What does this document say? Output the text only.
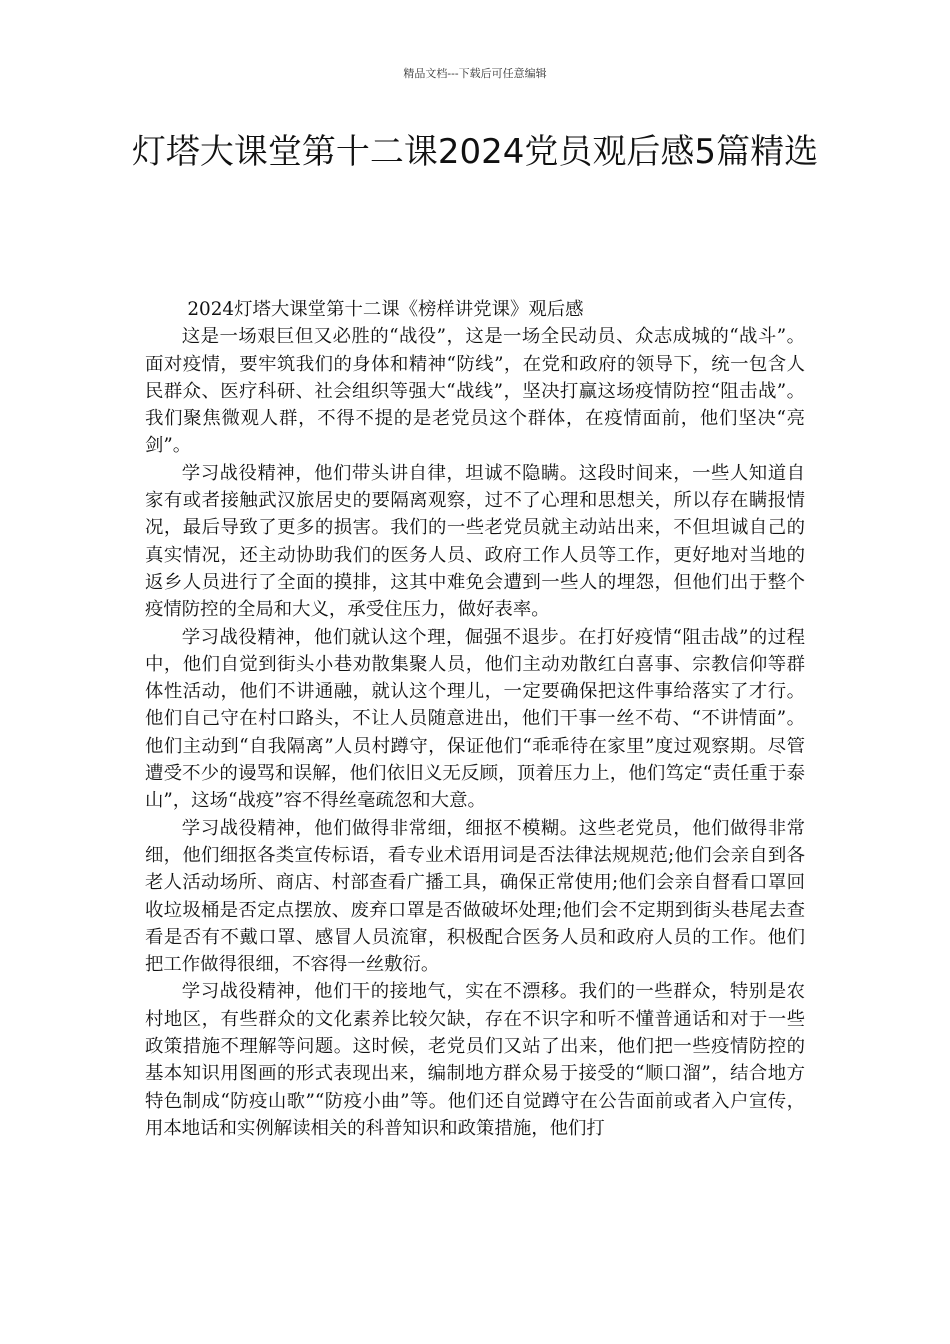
精品文档---下载后可任意编辑
灯塔大课堂第十二课2024党员观后感5篇精选

2024灯塔大课堂第十二课《榜样讲党课》观后感

这是一场艰巨但又必胜的“战役”，这是一场全民动员、众志成城的“战斗”。面对疫情，要牢筑我们的身体和精神“防线”，在党和政府的领导下，统一包含人民群众、医疗科研、社会组织等强大“战线”，坚决打赢这场疫情防控“阻击战”。我们聚焦微观人群，不得不提的是老党员这个群体，在疫情面前，他们坚决“亮剑”。

学习战役精神，他们带头讲自律，坦诚不隐瞒。这段时间来，一些人知道自家有或者接触武汉旅居史的要隔离观察，过不了心理和思想关，所以存在瞒报情况，最后导致了更多的损害。我们的一些老党员就主动站出来，不但坦诚自己的真实情况，还主动协助我们的医务人员、政府工作人员等工作，更好地对当地的返乡人员进行了全面的摸排，这其中难免会遭到一些人的埋怨，但他们出于整个疫情防控的全局和大义，承受住压力，做好表率。

学习战役精神，他们就认这个理，倔强不退步。在打好疫情“阻击战”的过程中，他们自觉到街头小巷劝散集聚人员，他们主动劝散红白喜事、宗教信仰等群体性活动，他们不讲通融，就认这个理儿，一定要确保把这件事给落实了才行。他们自己守在村口路头，不让人员随意进出，他们干事一丝不苟、“不讲情面”。他们主动到“自我隔离”人员村蹲守，保证他们“乖乖待在家里”度过观察期。尽管遭受不少的谩骂和误解，他们依旧义无反顾，顶着压力上，他们笃定“责任重于泰山”，这场“战疫”容不得丝毫疏忽和大意。

学习战役精神，他们做得非常细，细抠不模糊。这些老党员，他们做得非常细，他们细抠各类宣传标语，看专业术语用词是否法律法规规范;他们会亲自到各老人活动场所、商店、村部查看广播工具，确保正常使用;他们会亲自督看口罩回收垃圾桶是否定点摆放、废弃口罩是否做破坏处理;他们会不定期到街头巷尾去查看是否有不戴口罩、感冒人员流窜，积极配合医务人员和政府人员的工作。他们把工作做得很细，不容得一丝敷衍。

学习战役精神，他们干的接地气，实在不漂移。我们的一些群众，特别是农村地区，有些群众的文化素养比较欠缺，存在不识字和听不懂普通话和对于一些政策措施不理解等问题。这时候，老党员们又站了出来，他们把一些疫情防控的基本知识用图画的形式表现出来，编制地方群众易于接受的“顺口溜”，结合地方特色制成“防疫山歌”“防疫小曲”等。他们还自觉蹲守在公告面前或者入户宣传，用本地话和实例解读相关的科普知识和政策措施，他们打
